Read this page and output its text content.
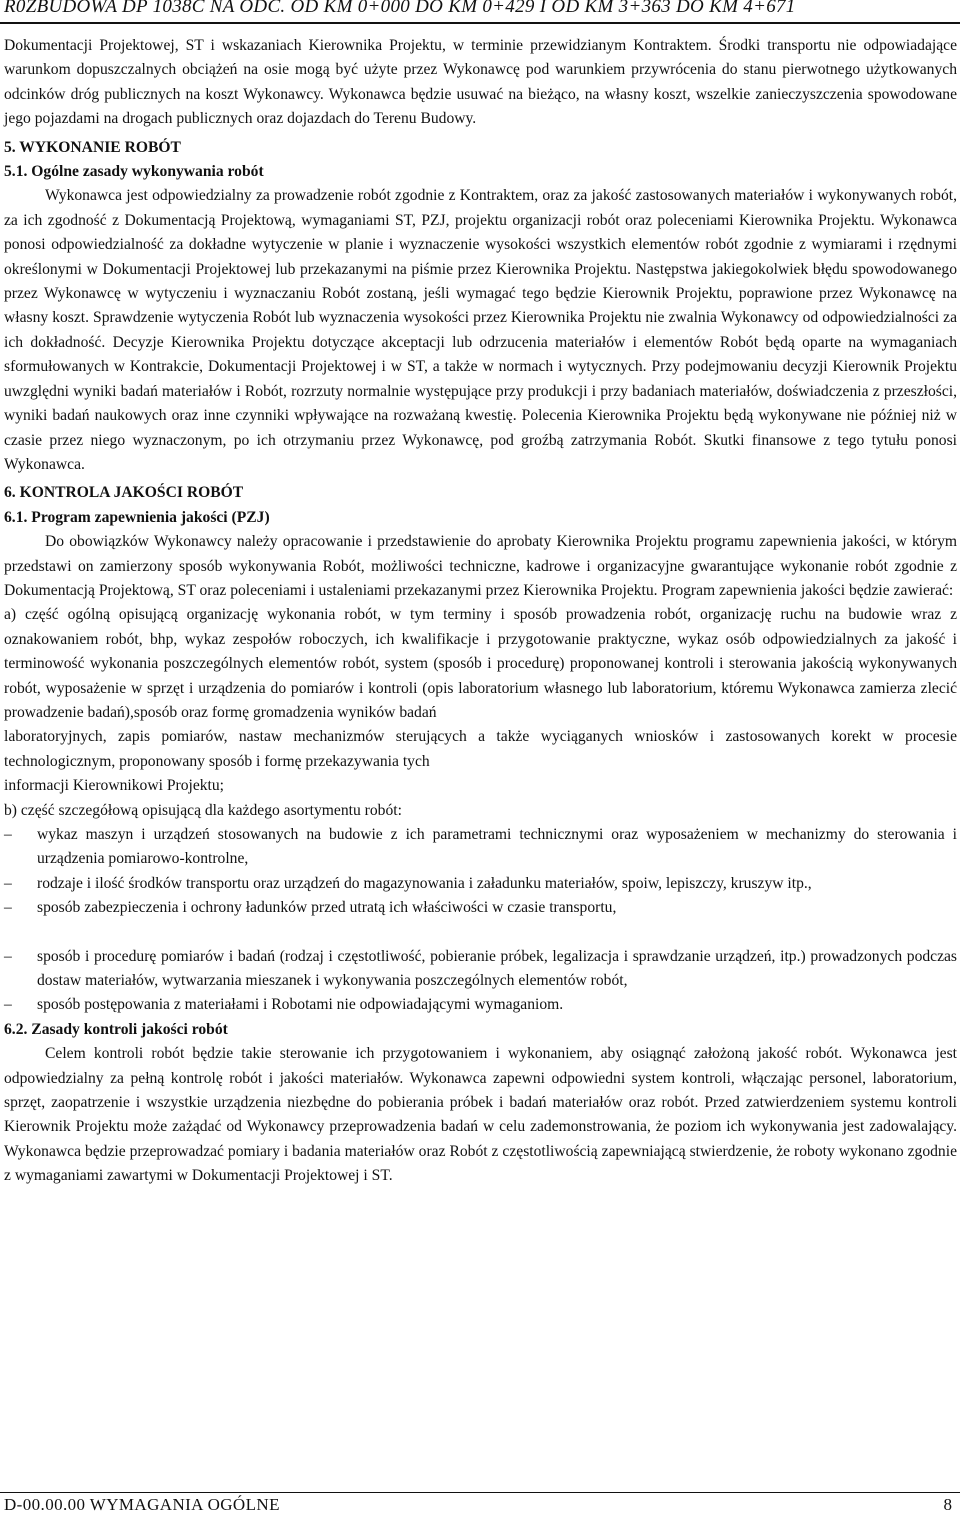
R0ZBUDOWA DP 1038C NA ODC. OD KM 0+000 DO KM 0+429 I OD KM 3+363 DO KM 4+671

Dokumentacji Projektowej, ST i wskazaniach Kierownika Projektu, w terminie przewidzianym Kontraktem. Środki transportu nie odpowiadające warunkom dopuszczalnych obciążeń na osie mogą być użyte przez Wykonawcę pod warunkiem przywrócenia do stanu pierwotnego użytkowanych odcinków dróg publicznych na koszt Wykonawcy. Wykonawca będzie usuwać na bieżąco, na własny koszt, wszelkie zanieczyszczenia spowodowane jego pojazdami na drogach publicznych oraz dojazdach do Terenu Budowy.

5. WYKONANIE ROBÓT

5.1. Ogólne zasady wykonywania robót

Wykonawca jest odpowiedzialny za prowadzenie robót zgodnie z Kontraktem, oraz za jakość zastosowanych materiałów i wykonywanych robót, za ich zgodność z Dokumentacją Projektową, wymaganiami ST, PZJ, projektu organizacji robót oraz poleceniami Kierownika Projektu. Wykonawca ponosi odpowiedzialność za dokładne wytyczenie w planie i wyznaczenie wysokości wszystkich elementów robót zgodnie z wymiarami i rzędnymi określonymi w Dokumentacji Projektowej lub przekazanymi na piśmie przez Kierownika Projektu. Następstwa jakiegokolwiek błędu spowodowanego przez Wykonawcę w wytyczeniu i wyznaczaniu Robót zostaną, jeśli wymagać tego będzie Kierownik Projektu, poprawione przez Wykonawcę na własny koszt. Sprawdzenie wytyczenia Robót lub wyznaczenia wysokości przez Kierownika Projektu nie zwalnia Wykonawcy od odpowiedzialności za ich dokładność. Decyzje Kierownika Projektu dotyczące akceptacji lub odrzucenia materiałów i elementów Robót będą oparte na wymaganiach sformułowanych w Kontrakcie, Dokumentacji Projektowej i w ST, a także w normach i wytycznych. Przy podejmowaniu decyzji Kierownik Projektu uwzględni wyniki badań materiałów i Robót, rozrzuty normalnie występujące przy produkcji i przy badaniach materiałów, doświadczenia z przeszłości, wyniki badań naukowych oraz inne czynniki wpływające na rozważaną kwestię. Polecenia Kierownika Projektu będą wykonywane nie później niż w czasie przez niego wyznaczonym, po ich otrzymaniu przez Wykonawcę, pod groźbą zatrzymania Robót. Skutki finansowe z tego tytułu ponosi Wykonawca.

6. KONTROLA JAKOŚCI ROBÓT

6.1. Program zapewnienia jakości (PZJ)

Do obowiązków Wykonawcy należy opracowanie i przedstawienie do aprobaty Kierownika Projektu programu zapewnienia jakości, w którym przedstawi on zamierzony sposób wykonywania Robót, możliwości techniczne, kadrowe i organizacyjne gwarantujące wykonanie robót zgodnie z Dokumentacją Projektową, ST oraz poleceniami i ustaleniami przekazanymi przez Kierownika Projektu. Program zapewnienia jakości będzie zawierać:

a) część ogólną opisującą organizację wykonania robót, w tym terminy i sposób prowadzenia robót, organizację ruchu na budowie wraz z oznakowaniem robót, bhp, wykaz zespołów roboczych, ich kwalifikacje i przygotowanie praktyczne, wykaz osób odpowiedzialnych za jakość i terminowość wykonania poszczególnych elementów robót, system (sposób i procedurę) proponowanej kontroli i sterowania jakością wykonywanych robót, wyposażenie w sprzęt i urządzenia do pomiarów i kontroli (opis laboratorium własnego lub laboratorium, któremu Wykonawca zamierza zlecić prowadzenie badań),sposób oraz formę gromadzenia wyników badań

laboratoryjnych, zapis pomiarów, nastaw mechanizmów sterujących a także wyciąganych wniosków i zastosowanych korekt w procesie technologicznym, proponowany sposób i formę przekazywania tych

informacji Kierownikowi Projektu;

b) część szczegółową opisującą dla każdego asortymentu robót:

– wykaz maszyn i urządzeń stosowanych na budowie z ich parametrami technicznymi oraz wyposażeniem w mechanizmy do sterowania i urządzenia pomiarowo-kontrolne,
– rodzaje i ilość środków transportu oraz urządzeń do magazynowania i załadunku materiałów, spoiw, lepiszczy, kruszyw itp.,
– sposób zabezpieczenia i ochrony ładunków przed utratą ich właściwości w czasie transportu,
– sposób i procedurę pomiarów i badań (rodzaj i częstotliwość, pobieranie próbek, legalizacja i sprawdzanie urządzeń, itp.) prowadzonych podczas dostaw materiałów, wytwarzania mieszanek i wykonywania poszczególnych elementów robót,
– sposób postępowania z materiałami i Robotami nie odpowiadającymi wymaganiom.

6.2. Zasady kontroli jakości robót

Celem kontroli robót będzie takie sterowanie ich przygotowaniem i wykonaniem, aby osiągnąć założoną jakość robót. Wykonawca jest odpowiedzialny za pełną kontrolę robót i jakości materiałów. Wykonawca zapewni odpowiedni system kontroli, włączając personel, laboratorium, sprzęt, zaopatrzenie i wszystkie urządzenia niezbędne do pobierania próbek i badań materiałów oraz robót. Przed zatwierdzeniem systemu kontroli Kierownik Projektu może zażądać od Wykonawcy przeprowadzenia badań w celu zademonstrowania, że poziom ich wykonywania jest zadowalający. Wykonawca będzie przeprowadzać pomiary i badania materiałów oraz Robót z częstotliwością zapewniającą stwierdzenie, że roboty wykonano zgodnie z wymaganiami zawartymi w Dokumentacji Projektowej i ST.

D-00.00.00 WYMAGANIA OGÓLNE	8
